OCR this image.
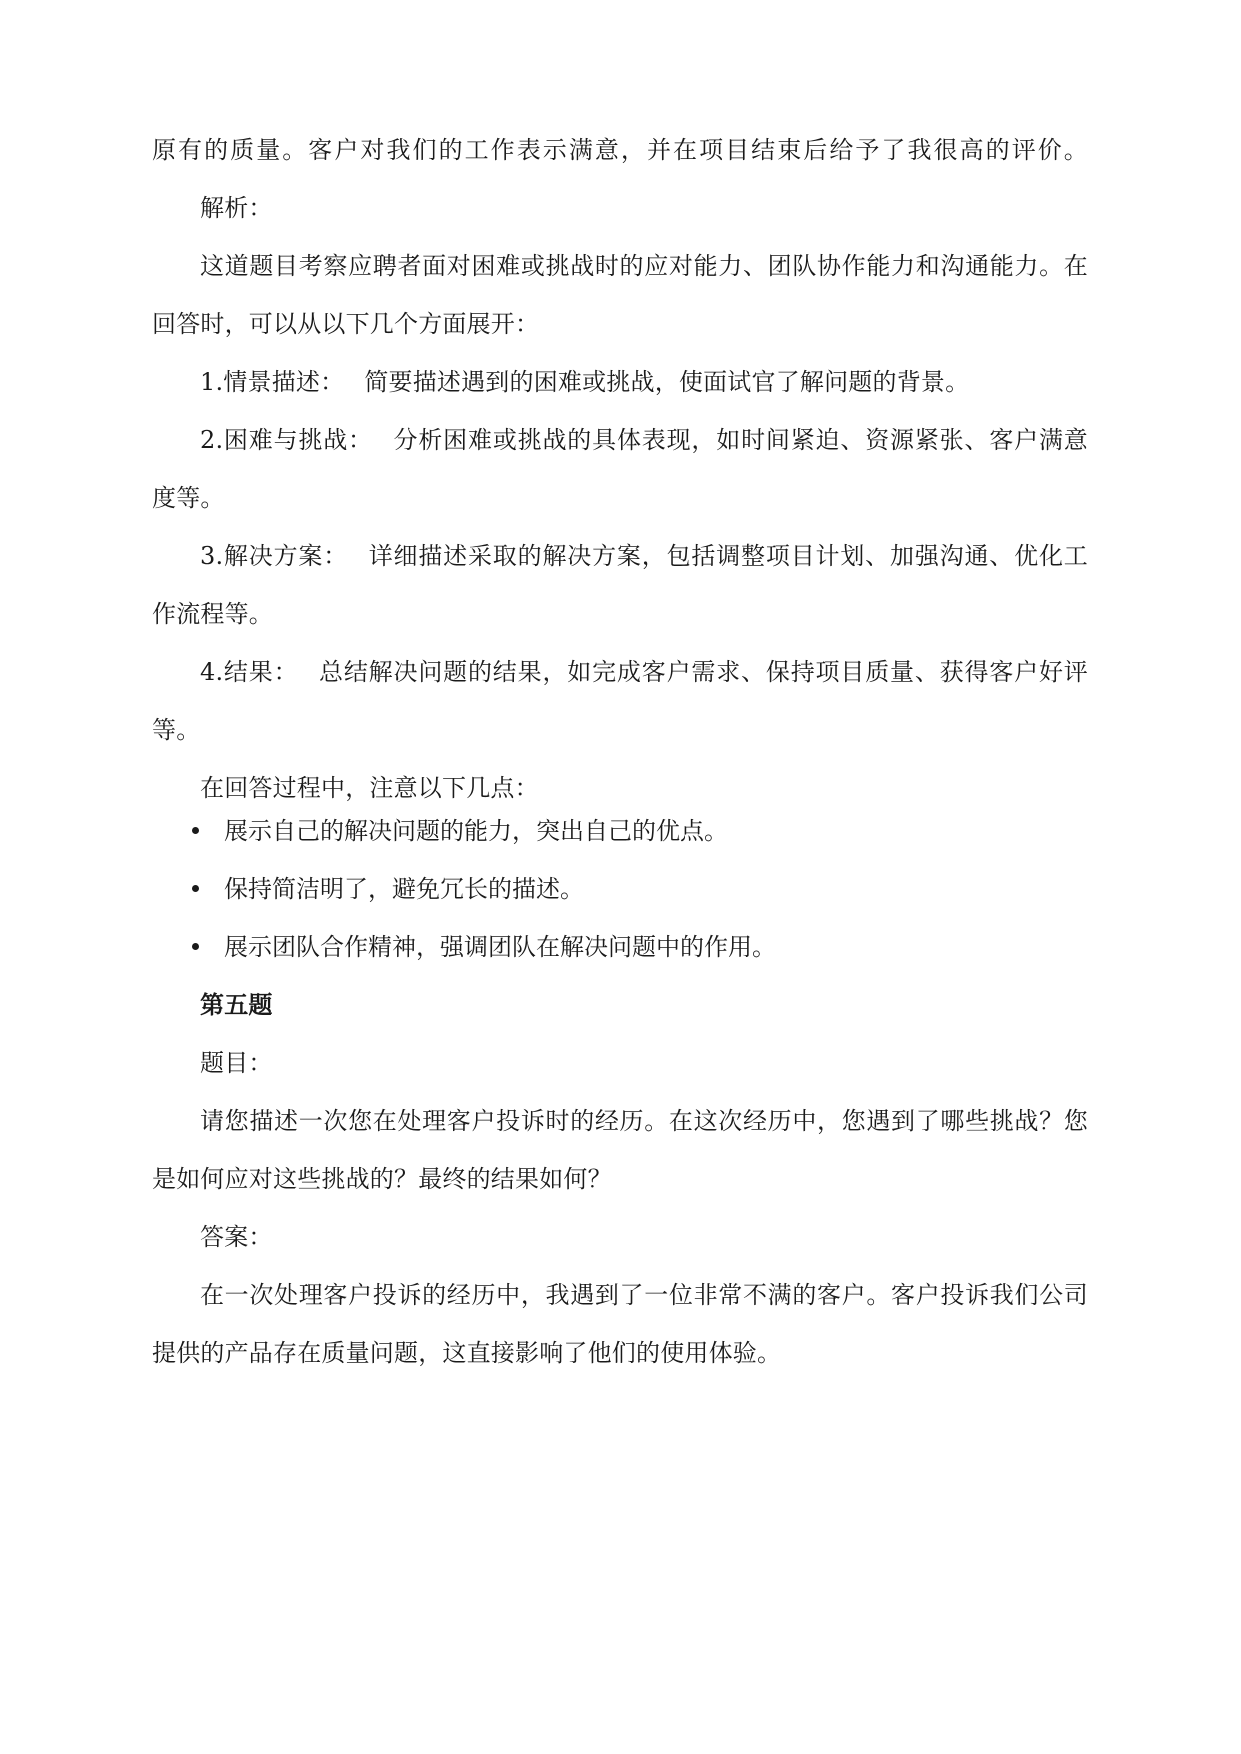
原有的质量。客户对我们的工作表示满意，并在项目结束后给予了我很高的评价。
解析：
这道题目考察应聘者面对困难或挑战时的应对能力、团队协作能力和沟通能力。在
回答时，可以从以下几个方面展开：
1.情景描述： 简要描述遇到的困难或挑战，使面试官了解问题的背景。
2.困难与挑战： 分析困难或挑战的具体表现，如时间紧迫、资源紧张、客户满意
度等。
3.解决方案： 详细描述采取的解决方案，包括调整项目计划、加强沟通、优化工
作流程等。
4.结果： 总结解决问题的结果，如完成客户需求、保持项目质量、获得客户好评
等。
在回答过程中，注意以下几点：
展示自己的解决问题的能力，突出自己的优点。
保持简洁明了，避免冗长的描述。
展示团队合作精神，强调团队在解决问题中的作用。
第五题
题目：
请您描述一次您在处理客户投诉时的经历。在这次经历中，您遇到了哪些挑战？您
是如何应对这些挑战的？最终的结果如何？
答案：
在一次处理客户投诉的经历中，我遇到了一位非常不满的客户。客户投诉我们公司
提供的产品存在质量问题，这直接影响了他们的使用体验。
